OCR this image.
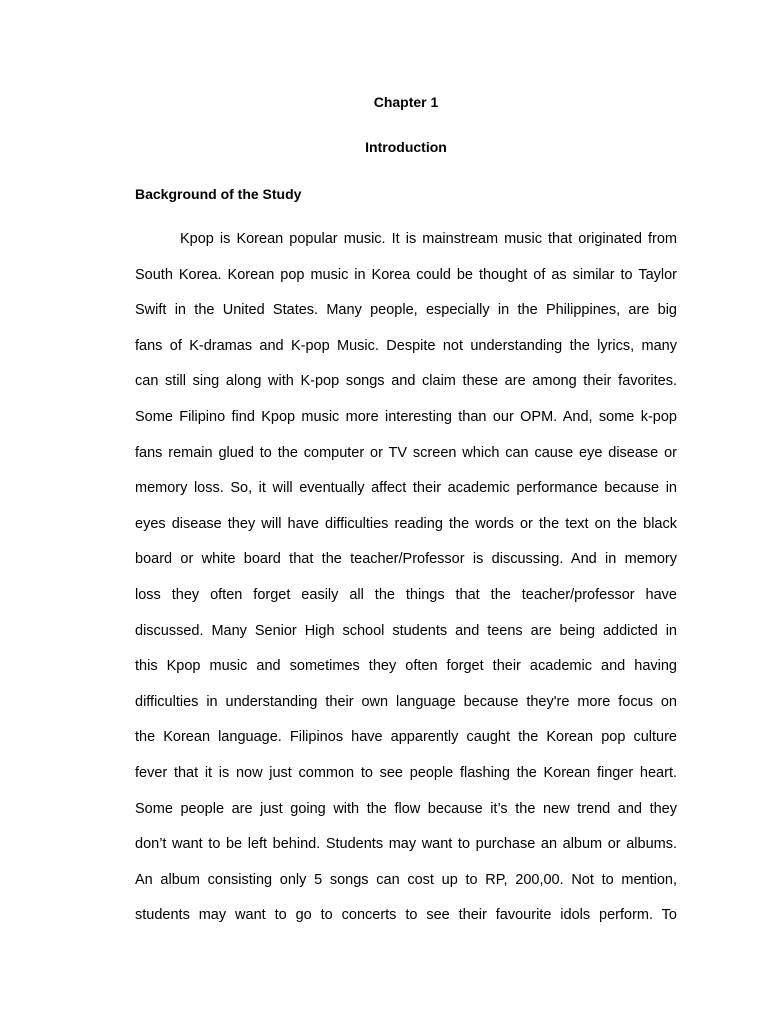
Chapter 1
Introduction
Background of the Study
Kpop is Korean popular music. It is mainstream music that originated from
South Korea. Korean pop music in Korea could be thought of as similar to Taylor
Swift in the United States. Many people, especially in the Philippines, are big
fans of K-dramas and K-pop Music. Despite not understanding the lyrics, many
can still sing along with K-pop songs and claim these are among their favorites.
Some Filipino find Kpop music more interesting than our OPM. And, some k-pop
fans remain glued to the computer or TV screen which can cause eye disease or
memory loss. So, it will eventually affect their academic performance because in
eyes disease they will have difficulties reading the words or the text on the black
board or white board that the teacher/Professor is discussing. And in memory
loss they often forget easily all the things that the teacher/professor have
discussed. Many Senior High school students and teens are being addicted in
this Kpop music and sometimes they often forget their academic and having
difficulties in understanding their own language because they're more focus on
the Korean language. Filipinos have apparently caught the Korean pop culture
fever that it is now just common to see people flashing the Korean finger heart.
Some people are just going with the flow because it’s the new trend and they
don’t want to be left behind. Students may want to purchase an album or albums.
An album consisting only 5 songs can cost up to RP, 200,00. Not to mention,
students may want to go to concerts to see their favourite idols perform. To
